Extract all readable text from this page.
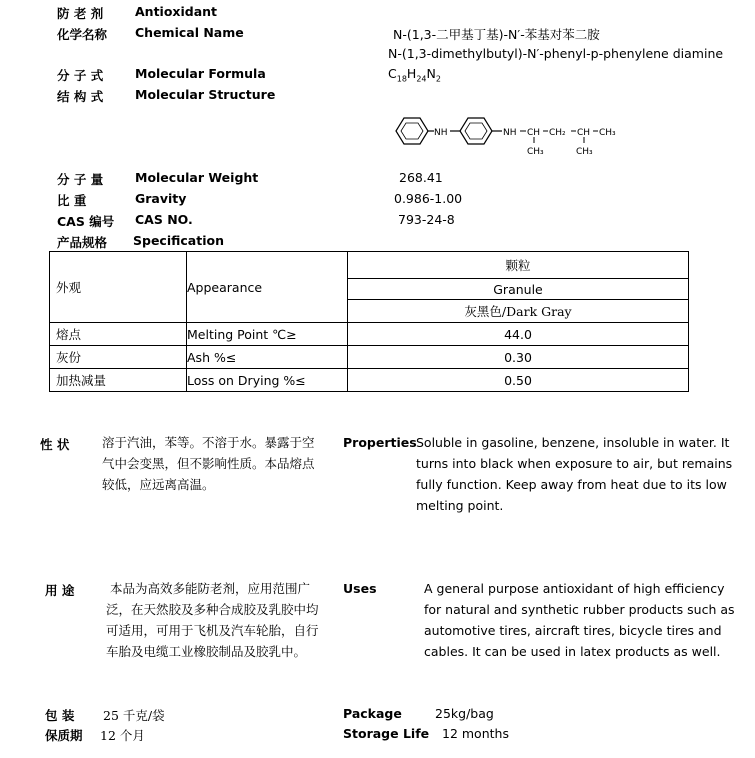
防 老 剂	Antioxidant
化学名称 Chemical Name	N-(1,3-二甲基丁基)-N′-苯基对苯二胺
N-(1,3-dimethylbutyl)-N′-phenyl-p-phenylene diamine
分 子 式	Molecular Formula	$C_{18}H_{24}N_2$
结 构 式	Molecular Structure
NH	NH CH CH₂ CH CH₃
CH₃	CH₃
分 子 量	Molecular Weight	268.41
比 重	Gravity	0.986-1.00
CAS 编号 CAS NO.	793-24-8
产品规格 Specification
外观	Appearance	颗粒
		Granule
		灰黑色/Dark Gray
熔点	Melting Point ℃≥	44.0
灰份	Ash %≤	0.30
加热减量	Loss on Drying %≤	0.50
性 状	溶于汽油，苯等。不溶于水。暴露于空
气中会变黑，但不影响性质。本品熔点
较低，应远离高温。
Properties Soluble in gasoline, benzene, insoluble in water. It
turns into black when exposure to air, but remains
fully function. Keep away from heat due to its low
melting point.
用 途	本品为高效多能防老剂，应用范围广
泛，在天然胶及多种合成胶及乳胶中均
可适用，可用于飞机及汽车轮胎，自行
车胎及电缆工业橡胶制品及胶乳中。
Uses	A general purpose antioxidant of high efficiency
for natural and synthetic rubber products such as
automotive tires, aircraft tires, bicycle tires and
cables. It can be used in latex products as well.
包 装 25 千克/袋	Package	25kg/bag
保质期 12 个月	Storage Life 12 months
